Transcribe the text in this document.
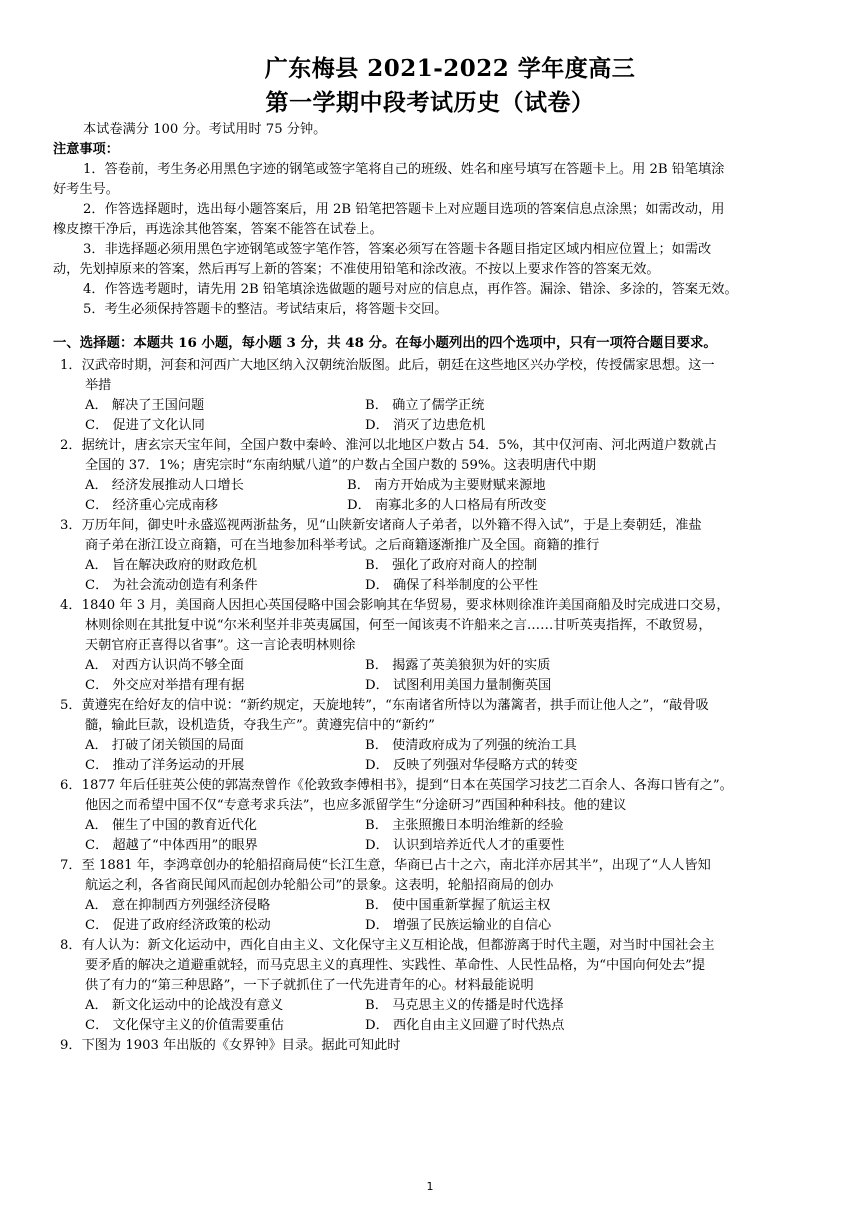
广东梅县 2021-2022 学年度高三
第一学期中段考试历史（试卷）
本试卷满分 100 分。考试用时 75 分钟。
注意事项：
1．答卷前，考生务必用黑色字迹的钢笔或签字笔将自己的班级、姓名和座号填写在答题卡上。用 2B 铅笔填涂
好考生号。
2．作答选择题时，选出每小题答案后，用 2B 铅笔把答题卡上对应题目选项的答案信息点涂黑；如需改动，用
橡皮擦干净后，再选涂其他答案，答案不能答在试卷上。
3．非选择题必须用黑色字迹钢笔或签字笔作答，答案必须写在答题卡各题目指定区域内相应位置上；如需改
动，先划掉原来的答案，然后再写上新的答案；不准使用铅笔和涂改液。不按以上要求作答的答案无效。
4．作答选考题时，请先用 2B 铅笔填涂选做题的题号对应的信息点，再作答。漏涂、错涂、多涂的，答案无效。
5．考生必须保持答题卡的整洁。考试结束后，将答题卡交回。
一、选择题：本题共 16 小题，每小题 3 分，共 48 分。在每小题列出的四个选项中，只有一项符合题目要求。
1．汉武帝时期，河套和河西广大地区纳入汉朝统治版图。此后，朝廷在这些地区兴办学校，传授儒家思想。这一
举措
A． 解决了王国问题	B． 确立了儒学正统
C． 促进了文化认同	D． 消灭了边患危机
2．据统计，唐玄宗天宝年间，全国户数中秦岭、淮河以北地区户数占 54．5%，其中仅河南、河北两道户数就占
全国的 37．1%；唐宪宗时“东南纳赋八道”的户数占全国户数的 59%。这表明唐代中期
A． 经济发展推动人口增长	B． 南方开始成为主要财赋来源地
C． 经济重心完成南移	D． 南寡北多的人口格局有所改变
3．万历年间，御史叶永盛巡视两浙盐务，见“山陕新安诸商人子弟者，以外籍不得入试”，于是上奏朝廷，准盐
商子弟在浙江设立商籍，可在当地参加科举考试。之后商籍逐渐推广及全国。商籍的推行
A． 旨在解决政府的财政危机	B． 强化了政府对商人的控制
C． 为社会流动创造有利条件	D． 确保了科举制度的公平性
4．1840 年 3 月，美国商人因担心英国侵略中国会影响其在华贸易，要求林则徐准许美国商船及时完成进口交易，
林则徐则在其批复中说“尔米利坚并非英夷属国，何至一闻该夷不许船来之言……甘听英夷指挥，不敢贸易，
天朝官府正喜得以省事”。这一言论表明林则徐
A． 对西方认识尚不够全面	B． 揭露了英美狼狈为奸的实质
C． 外交应对举措有理有据	D． 试图利用美国力量制衡英国
5．黄遵宪在给好友的信中说：“新约规定，天旋地转”，“东南诸省所恃以为藩篱者，拱手而让他人之”，“敲骨吸
髓，输此巨款，设机造货，夺我生产”。黄遵宪信中的“新约”
A． 打破了闭关锁国的局面	B． 使清政府成为了列强的统治工具
C． 推动了洋务运动的开展	D． 反映了列强对华侵略方式的转变
6．1877 年后任驻英公使的郭嵩焘曾作《伦敦致李傅相书》，提到“日本在英国学习技艺二百余人、各海口皆有之”。
他因之而希望中国不仅“专意考求兵法”，也应多派留学生“分途研习”西国种种科技。他的建议
A． 催生了中国的教育近代化	B． 主张照搬日本明治维新的经验
C． 超越了“中体西用”的眼界	D． 认识到培养近代人才的重要性
7．至 1881 年，李鸿章创办的轮船招商局使“长江生意，华商已占十之六，南北洋亦居其半”，出现了“人人皆知
航运之利，各省商民闻风而起创办轮船公司”的景象。这表明，轮船招商局的创办
A． 意在抑制西方列强经济侵略	B． 使中国重新掌握了航运主权
C． 促进了政府经济政策的松动	D． 增强了民族运输业的自信心
8．有人认为：新文化运动中，西化自由主义、文化保守主义互相论战，但都游离于时代主题，对当时中国社会主
要矛盾的解决之道避重就轻，而马克思主义的真理性、实践性、革命性、人民性品格，为“中国向何处去”提
供了有力的“第三种思路”，一下子就抓住了一代先进青年的心。材料最能说明
A． 新文化运动中的论战没有意义	B． 马克思主义的传播是时代选择
C． 文化保守主义的价值需要重估	D． 西化自由主义回避了时代热点
9．下图为 1903 年出版的《女界钟》目录。据此可知此时
1
